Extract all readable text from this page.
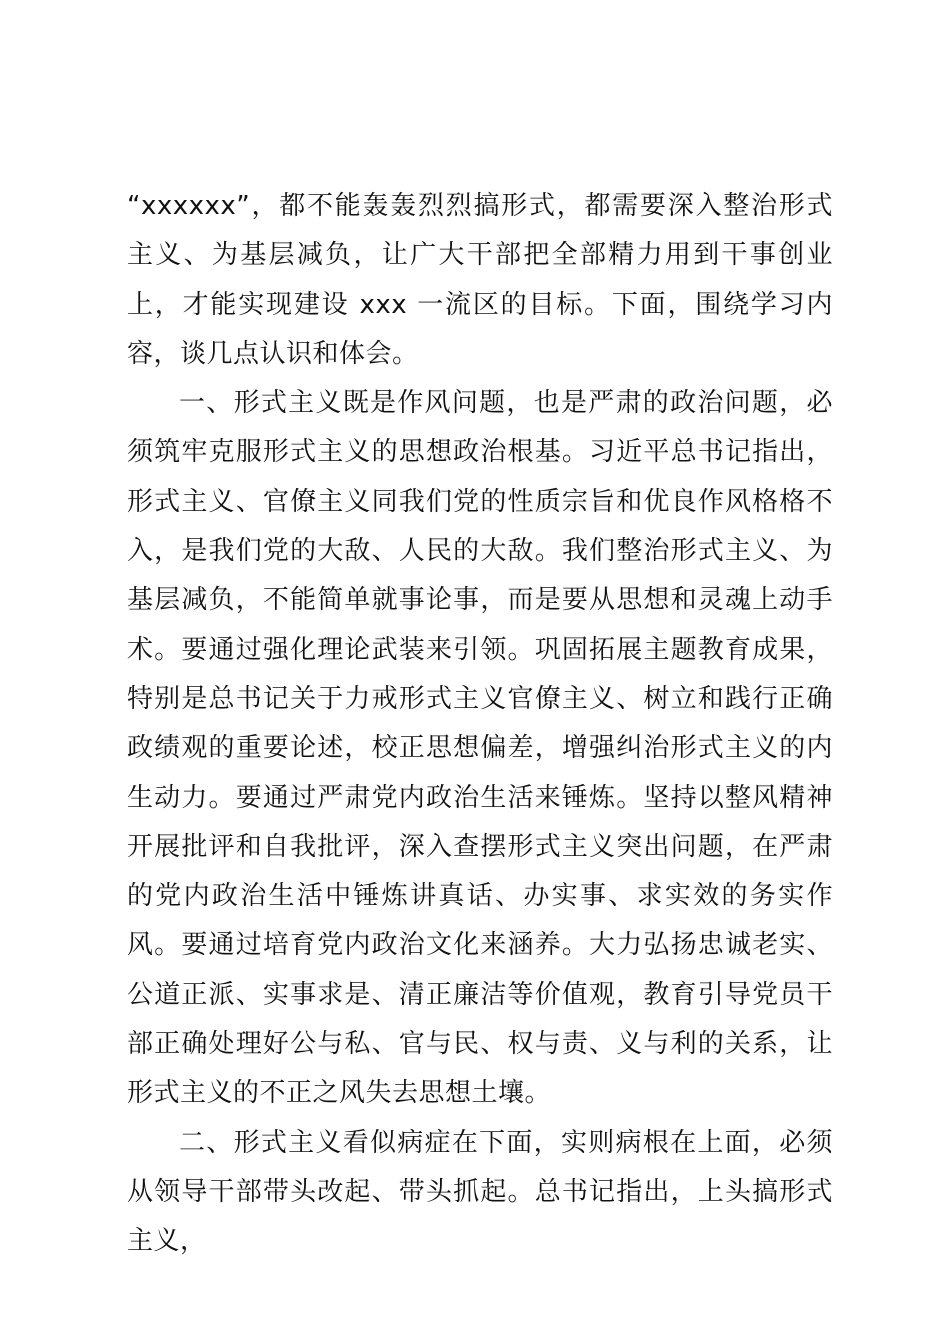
“xxxxxx”，都不能轰轰烈烈搞形式，都需要深入整治形式主义、为基层减负，让广大干部把全部精力用到干事创业上，才能实现建设 xxx 一流区的目标。下面，围绕学习内容，谈几点认识和体会。

一、形式主义既是作风问题，也是严肃的政治问题，必须筑牢克服形式主义的思想政治根基。习近平总书记指出，形式主义、官僚主义同我们党的性质宗旨和优良作风格格不入，是我们党的大敌、人民的大敌。我们整治形式主义、为基层减负，不能简单就事论事，而是要从思想和灵魂上动手术。要通过强化理论武装来引领。巩固拓展主题教育成果，特别是总书记关于力戒形式主义官僚主义、树立和践行正确政绩观的重要论述，校正思想偏差，增强纠治形式主义的内生动力。要通过严肃党内政治生活来锤炼。坚持以整风精神开展批评和自我批评，深入查摆形式主义突出问题，在严肃的党内政治生活中锤炼讲真话、办实事、求实效的务实作风。要通过培育党内政治文化来涵养。大力弘扬忠诚老实、公道正派、实事求是、清正廉洁等价值观，教育引导党员干部正确处理好公与私、官与民、权与责、义与利的关系，让形式主义的不正之风失去思想土壤。

二、形式主义看似病症在下面，实则病根在上面，必须从领导干部带头改起、带头抓起。总书记指出，上头搞形式主义，
